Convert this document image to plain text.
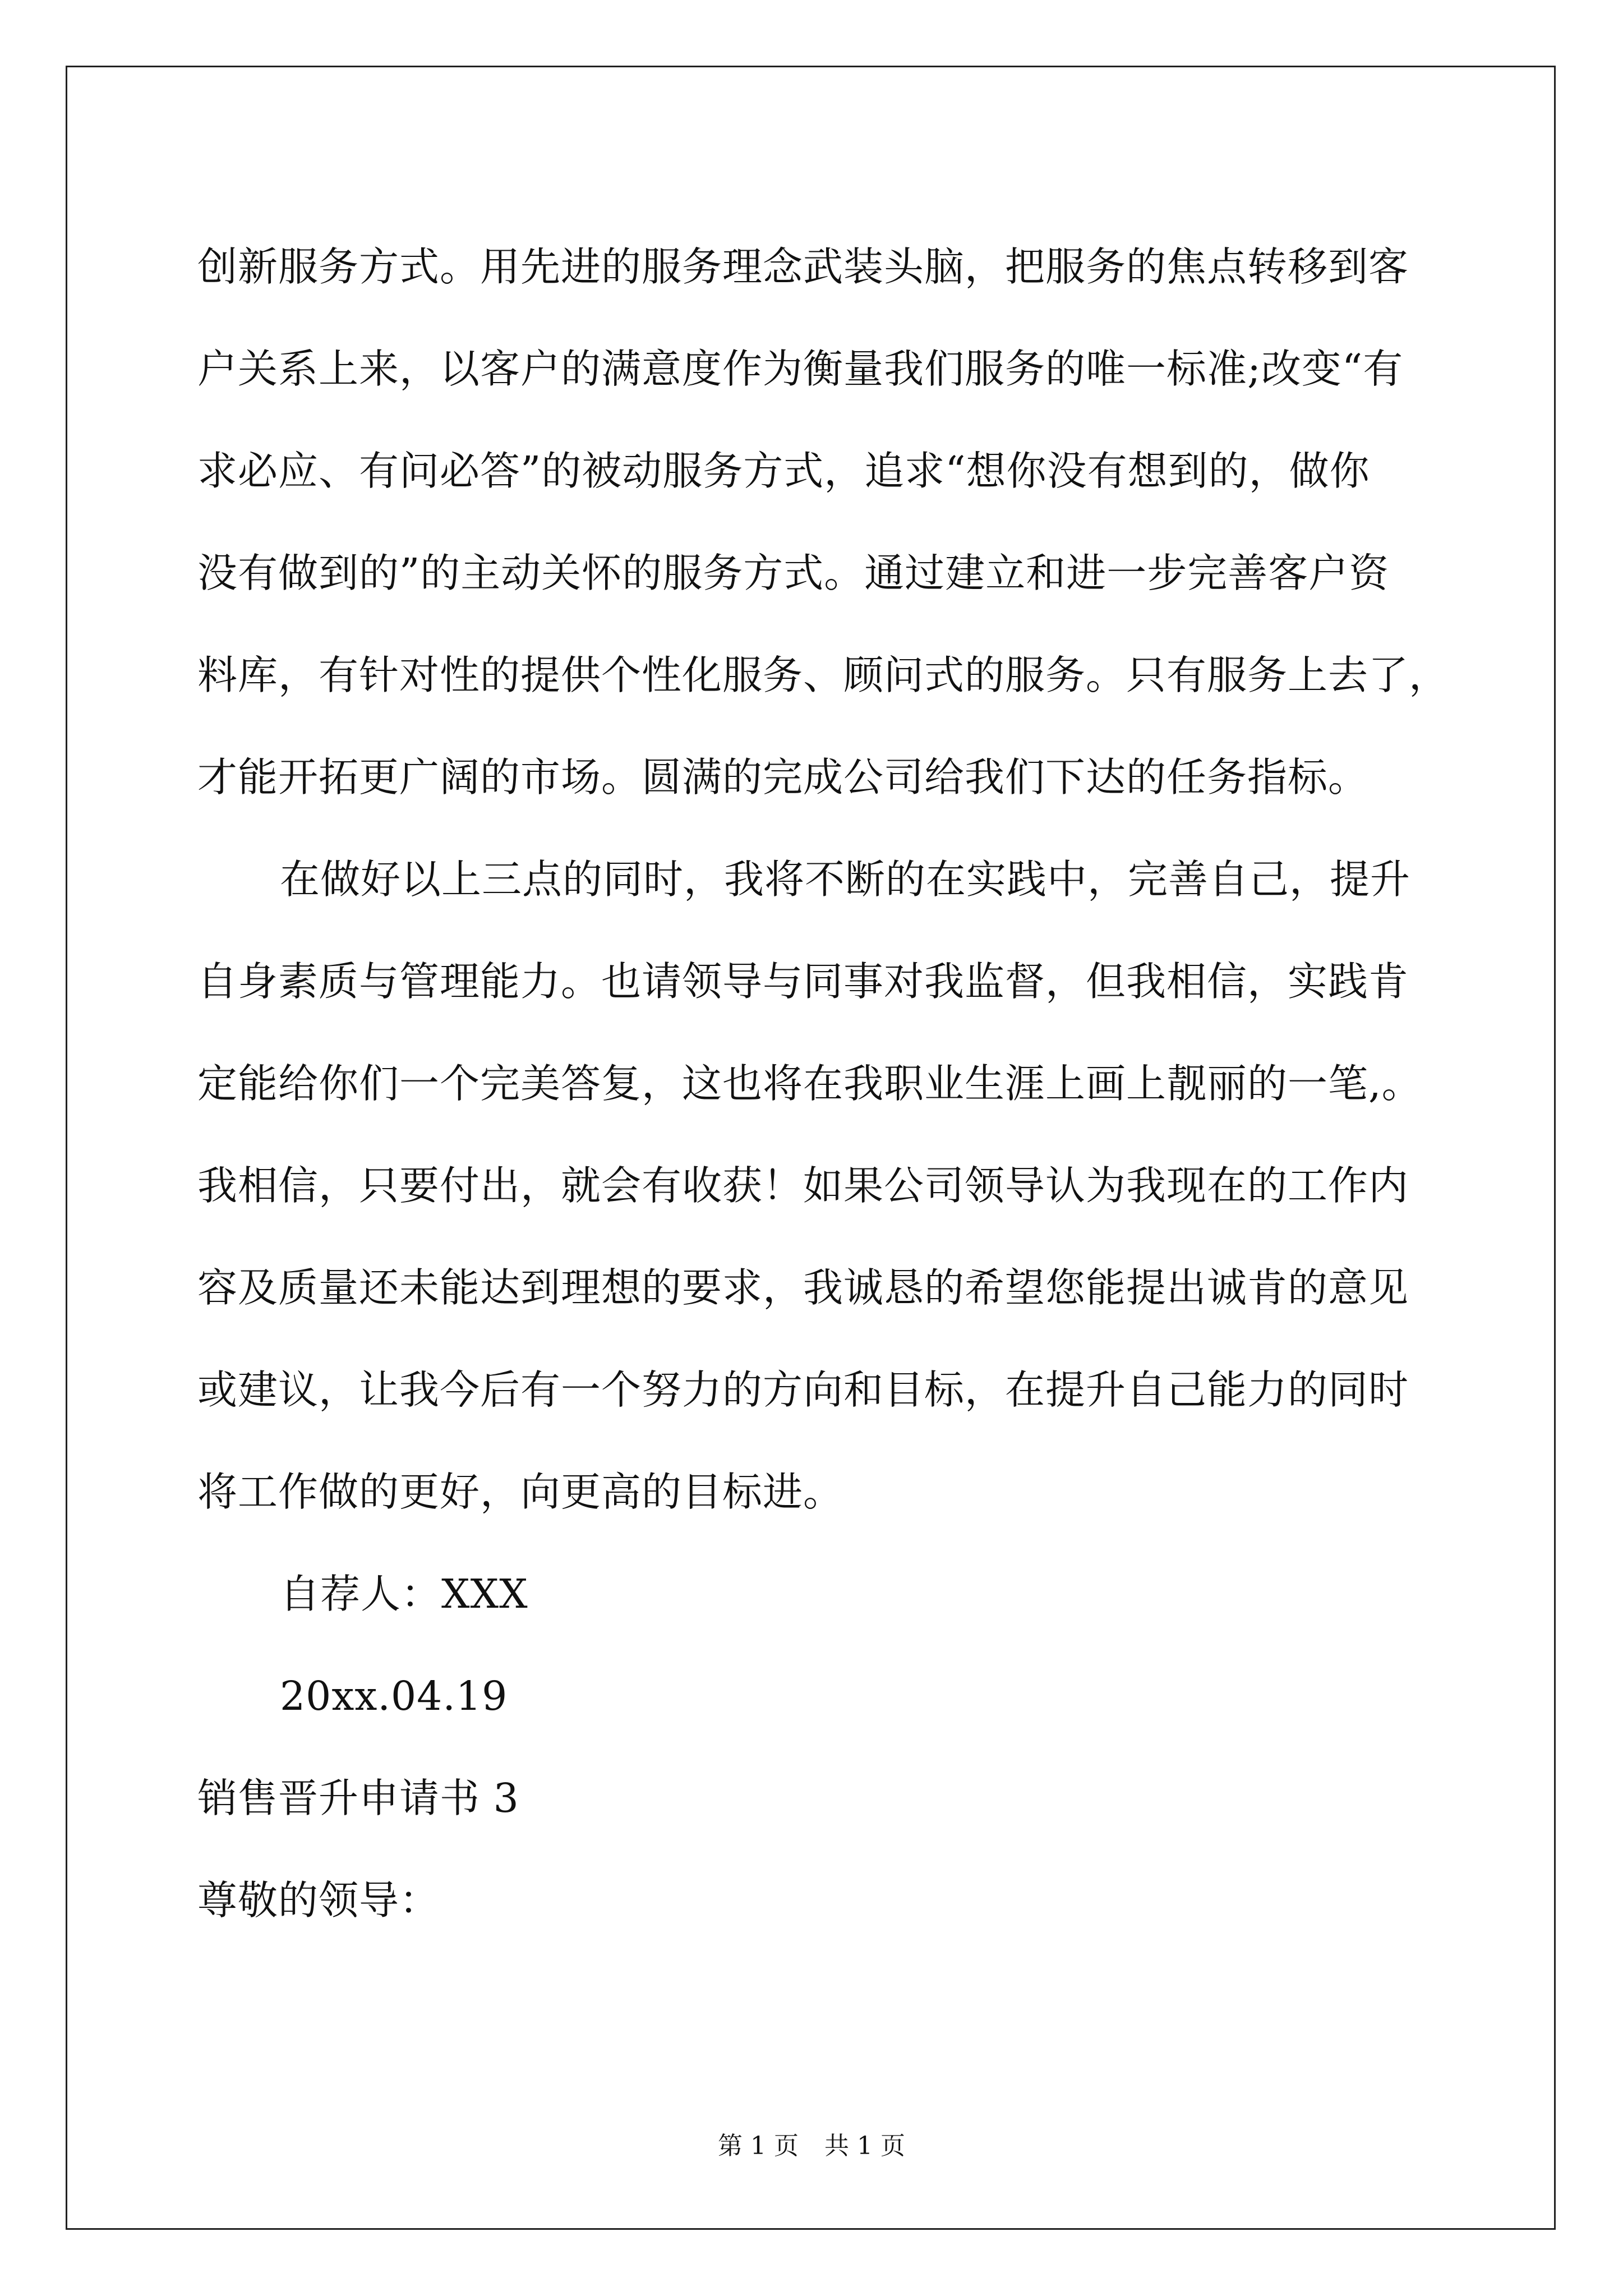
创新服务方式。用先进的服务理念武装头脑，把服务的焦点转移到客
户关系上来，以客户的满意度作为衡量我们服务的唯一标准;改变“有
求必应、有问必答”的被动服务方式，追求“想你没有想到的，做你
没有做到的”的主动关怀的服务方式。通过建立和进一步完善客户资
料库，有针对性的提供个性化服务、顾问式的服务。只有服务上去了，
才能开拓更广阔的市场。圆满的完成公司给我们下达的任务指标。
在做好以上三点的同时，我将不断的在实践中，完善自己，提升
自身素质与管理能力。也请领导与同事对我监督，但我相信，实践肯
定能给你们一个完美答复，这也将在我职业生涯上画上靓丽的一笔,。
我相信，只要付出，就会有收获！如果公司领导认为我现在的工作内
容及质量还未能达到理想的要求，我诚恳的希望您能提出诚肯的意见
或建议，让我今后有一个努力的方向和目标，在提升自己能力的同时
将工作做的更好，向更高的目标进。
自荐人：XXX
20xx.04.19
销售晋升申请书 3
尊敬的领导：
第 1 页 共 1 页
